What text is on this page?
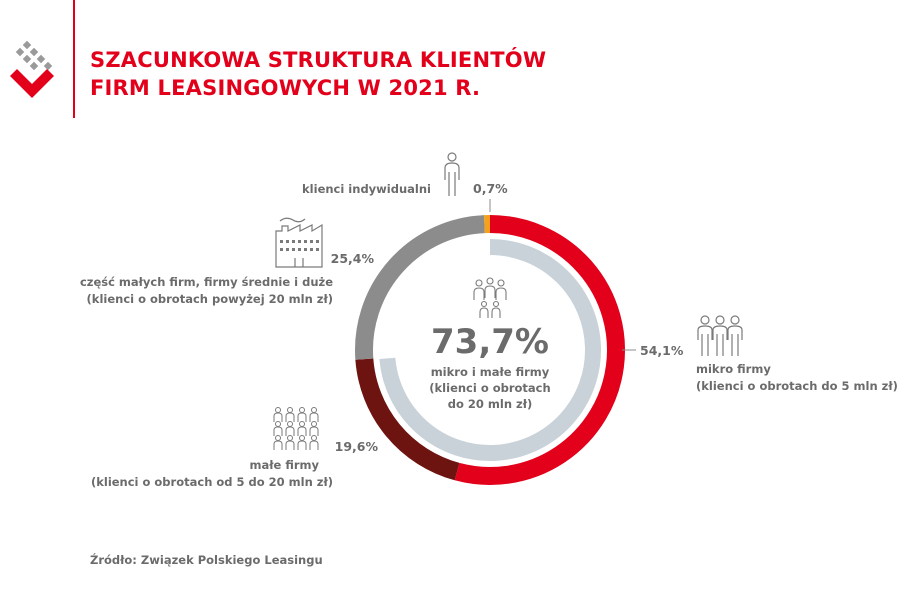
SZACUNKOWA STRUKTURA KLIENTÓW
FIRM LEASINGOWYCH W 2021 R.
54,1%
19,6%
25,4%
0,7%
klienci indywidualni
część małych firm, firmy średnie i duże
(klienci o obrotach powyżej 20 mln zł)
małe firmy
(klienci o obrotach od 5 do 20 mln zł)
mikro firmy
(klienci o obrotach do 5 mln zł)
73,7%
mikro i małe firmy
(klienci o obrotach
do 20 mln zł)
Źródło: Związek Polskiego Leasingu
